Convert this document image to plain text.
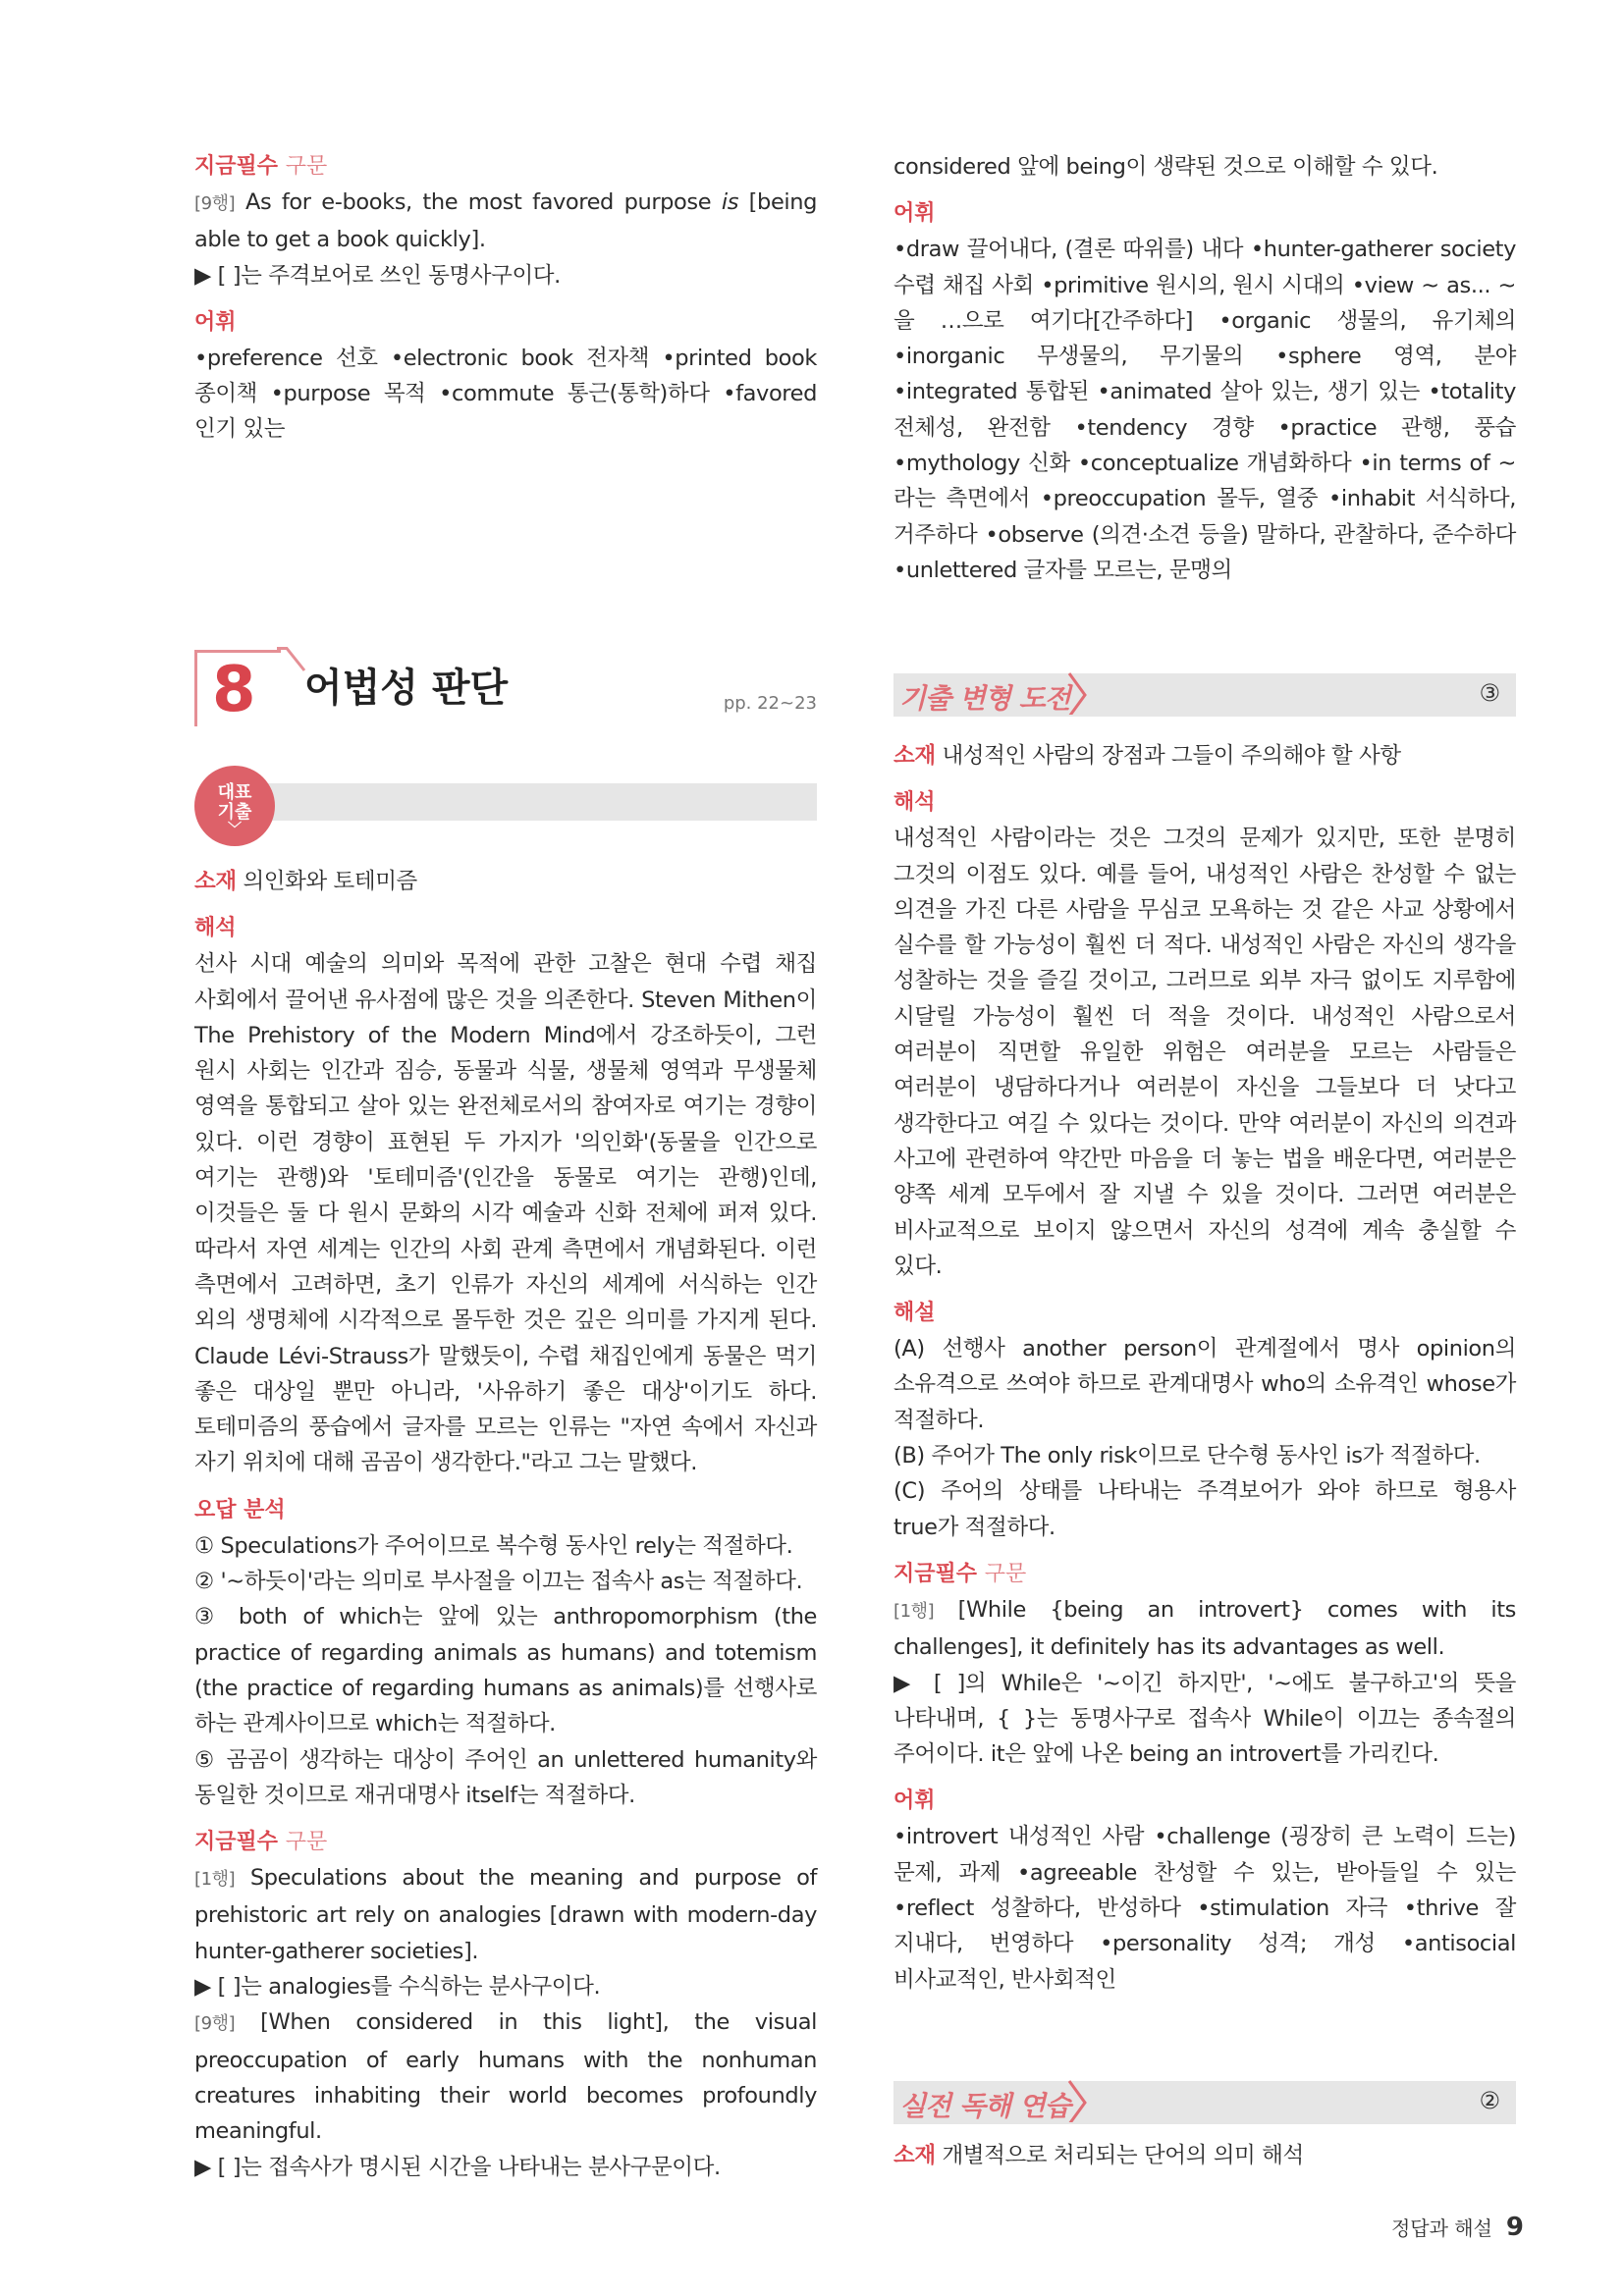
지금필수 구문

[9행] As for e-books, the most favored purpose is [being able to get a book quickly].

▶ [ ]는 주격보어로 쓰인 동명사구이다.

어휘

•preference 선호 •electronic book 전자책 •printed book 종이책 •purpose 목적 •commute 통근(통학)하다 •favored 인기 있는

considered 앞에 being이 생략된 것으로 이해할 수 있다.

어휘

•draw 끌어내다, (결론 따위를) 내다 •hunter-gatherer society 수렵 채집 사회 •primitive 원시의, 원시 시대의 •view ~ as... ~을 …으로 여기다[간주하다] •organic 생물의, 유기체의 •inorganic 무생물의, 무기물의 •sphere 영역, 분야 •integrated 통합된 •animated 살아 있는, 생기 있는 •totality 전체성, 완전함 •tendency 경향 •practice 관행, 풍습 •mythology 신화 •conceptualize 개념화하다 •in terms of ~라는 측면에서 •preoccupation 몰두, 열중 •inhabit 서식하다, 거주하다 •observe (의견·소견 등을) 말하다, 관찰하다, 준수하다 •unlettered 글자를 모르는, 문맹의

8 어법성 판단	pp. 22~23
대표
기출
﹀

소재 의인화와 토테미즘

해석

선사 시대 예술의 의미와 목적에 관한 고찰은 현대 수렵 채집 사회에서 끌어낸 유사점에 많은 것을 의존한다. Steven Mithen이 The Prehistory of the Modern Mind에서 강조하듯이, 그런 원시 사회는 인간과 짐승, 동물과 식물, 생물체 영역과 무생물체 영역을 통합되고 살아 있는 완전체로서의 참여자로 여기는 경향이 있다. 이런 경향이 표현된 두 가지가 '의인화'(동물을 인간으로 여기는 관행)와 '토테미즘'(인간을 동물로 여기는 관행)인데, 이것들은 둘 다 원시 문화의 시각 예술과 신화 전체에 퍼져 있다. 따라서 자연 세계는 인간의 사회 관계 측면에서 개념화된다. 이런 측면에서 고려하면, 초기 인류가 자신의 세계에 서식하는 인간 외의 생명체에 시각적으로 몰두한 것은 깊은 의미를 가지게 된다. Claude Lévi-Strauss가 말했듯이, 수렵 채집인에게 동물은 먹기 좋은 대상일 뿐만 아니라, '사유하기 좋은 대상'이기도 하다. 토테미즘의 풍습에서 글자를 모르는 인류는 "자연 속에서 자신과 자기 위치에 대해 곰곰이 생각한다."라고 그는 말했다.

오답 분석

① Speculations가 주어이므로 복수형 동사인 rely는 적절하다.

② '~하듯이'라는 의미로 부사절을 이끄는 접속사 as는 적절하다.

③ both of which는 앞에 있는 anthropomorphism (the practice of regarding animals as humans) and totemism (the practice of regarding humans as animals)를 선행사로 하는 관계사이므로 which는 적절하다.

⑤ 곰곰이 생각하는 대상이 주어인 an unlettered humanity와 동일한 것이므로 재귀대명사 itself는 적절하다.

지금필수 구문

[1행] Speculations about the meaning and purpose of prehistoric art rely on analogies [drawn with modern-day hunter-gatherer societies].

▶ [ ]는 analogies를 수식하는 분사구이다.

[9행] [When considered in this light], the visual preoccupation of early humans with the nonhuman creatures inhabiting their world becomes profoundly meaningful.

▶ [ ]는 접속사가 명시된 시간을 나타내는 분사구문이다.

기출 변형 도전	③

소재 내성적인 사람의 장점과 그들이 주의해야 할 사항

해석

내성적인 사람이라는 것은 그것의 문제가 있지만, 또한 분명히 그것의 이점도 있다. 예를 들어, 내성적인 사람은 찬성할 수 없는 의견을 가진 다른 사람을 무심코 모욕하는 것 같은 사교 상황에서 실수를 할 가능성이 훨씬 더 적다. 내성적인 사람은 자신의 생각을 성찰하는 것을 즐길 것이고, 그러므로 외부 자극 없이도 지루함에 시달릴 가능성이 훨씬 더 적을 것이다. 내성적인 사람으로서 여러분이 직면할 유일한 위험은 여러분을 모르는 사람들은 여러분이 냉담하다거나 여러분이 자신을 그들보다 더 낫다고 생각한다고 여길 수 있다는 것이다. 만약 여러분이 자신의 의견과 사고에 관련하여 약간만 마음을 더 놓는 법을 배운다면, 여러분은 양쪽 세계 모두에서 잘 지낼 수 있을 것이다. 그러면 여러분은 비사교적으로 보이지 않으면서 자신의 성격에 계속 충실할 수 있다.

해설

(A) 선행사 another person이 관계절에서 명사 opinion의 소유격으로 쓰여야 하므로 관계대명사 who의 소유격인 whose가 적절하다.

(B) 주어가 The only risk이므로 단수형 동사인 is가 적절하다.

(C) 주어의 상태를 나타내는 주격보어가 와야 하므로 형용사 true가 적절하다.

지금필수 구문

[1행] [While {being an introvert} comes with its challenges], it definitely has its advantages as well.

▶ [ ]의 While은 '~이긴 하지만', '~에도 불구하고'의 뜻을 나타내며, { }는 동명사구로 접속사 While이 이끄는 종속절의 주어이다. it은 앞에 나온 being an introvert를 가리킨다.

어휘

•introvert 내성적인 사람 •challenge (굉장히 큰 노력이 드는) 문제, 과제 •agreeable 찬성할 수 있는, 받아들일 수 있는 •reflect 성찰하다, 반성하다 •stimulation 자극 •thrive 잘 지내다, 번영하다 •personality 성격; 개성 •antisocial 비사교적인, 반사회적인

실전 독해 연습	②

소재 개별적으로 처리되는 단어의 의미 해석

정답과 해설 9
